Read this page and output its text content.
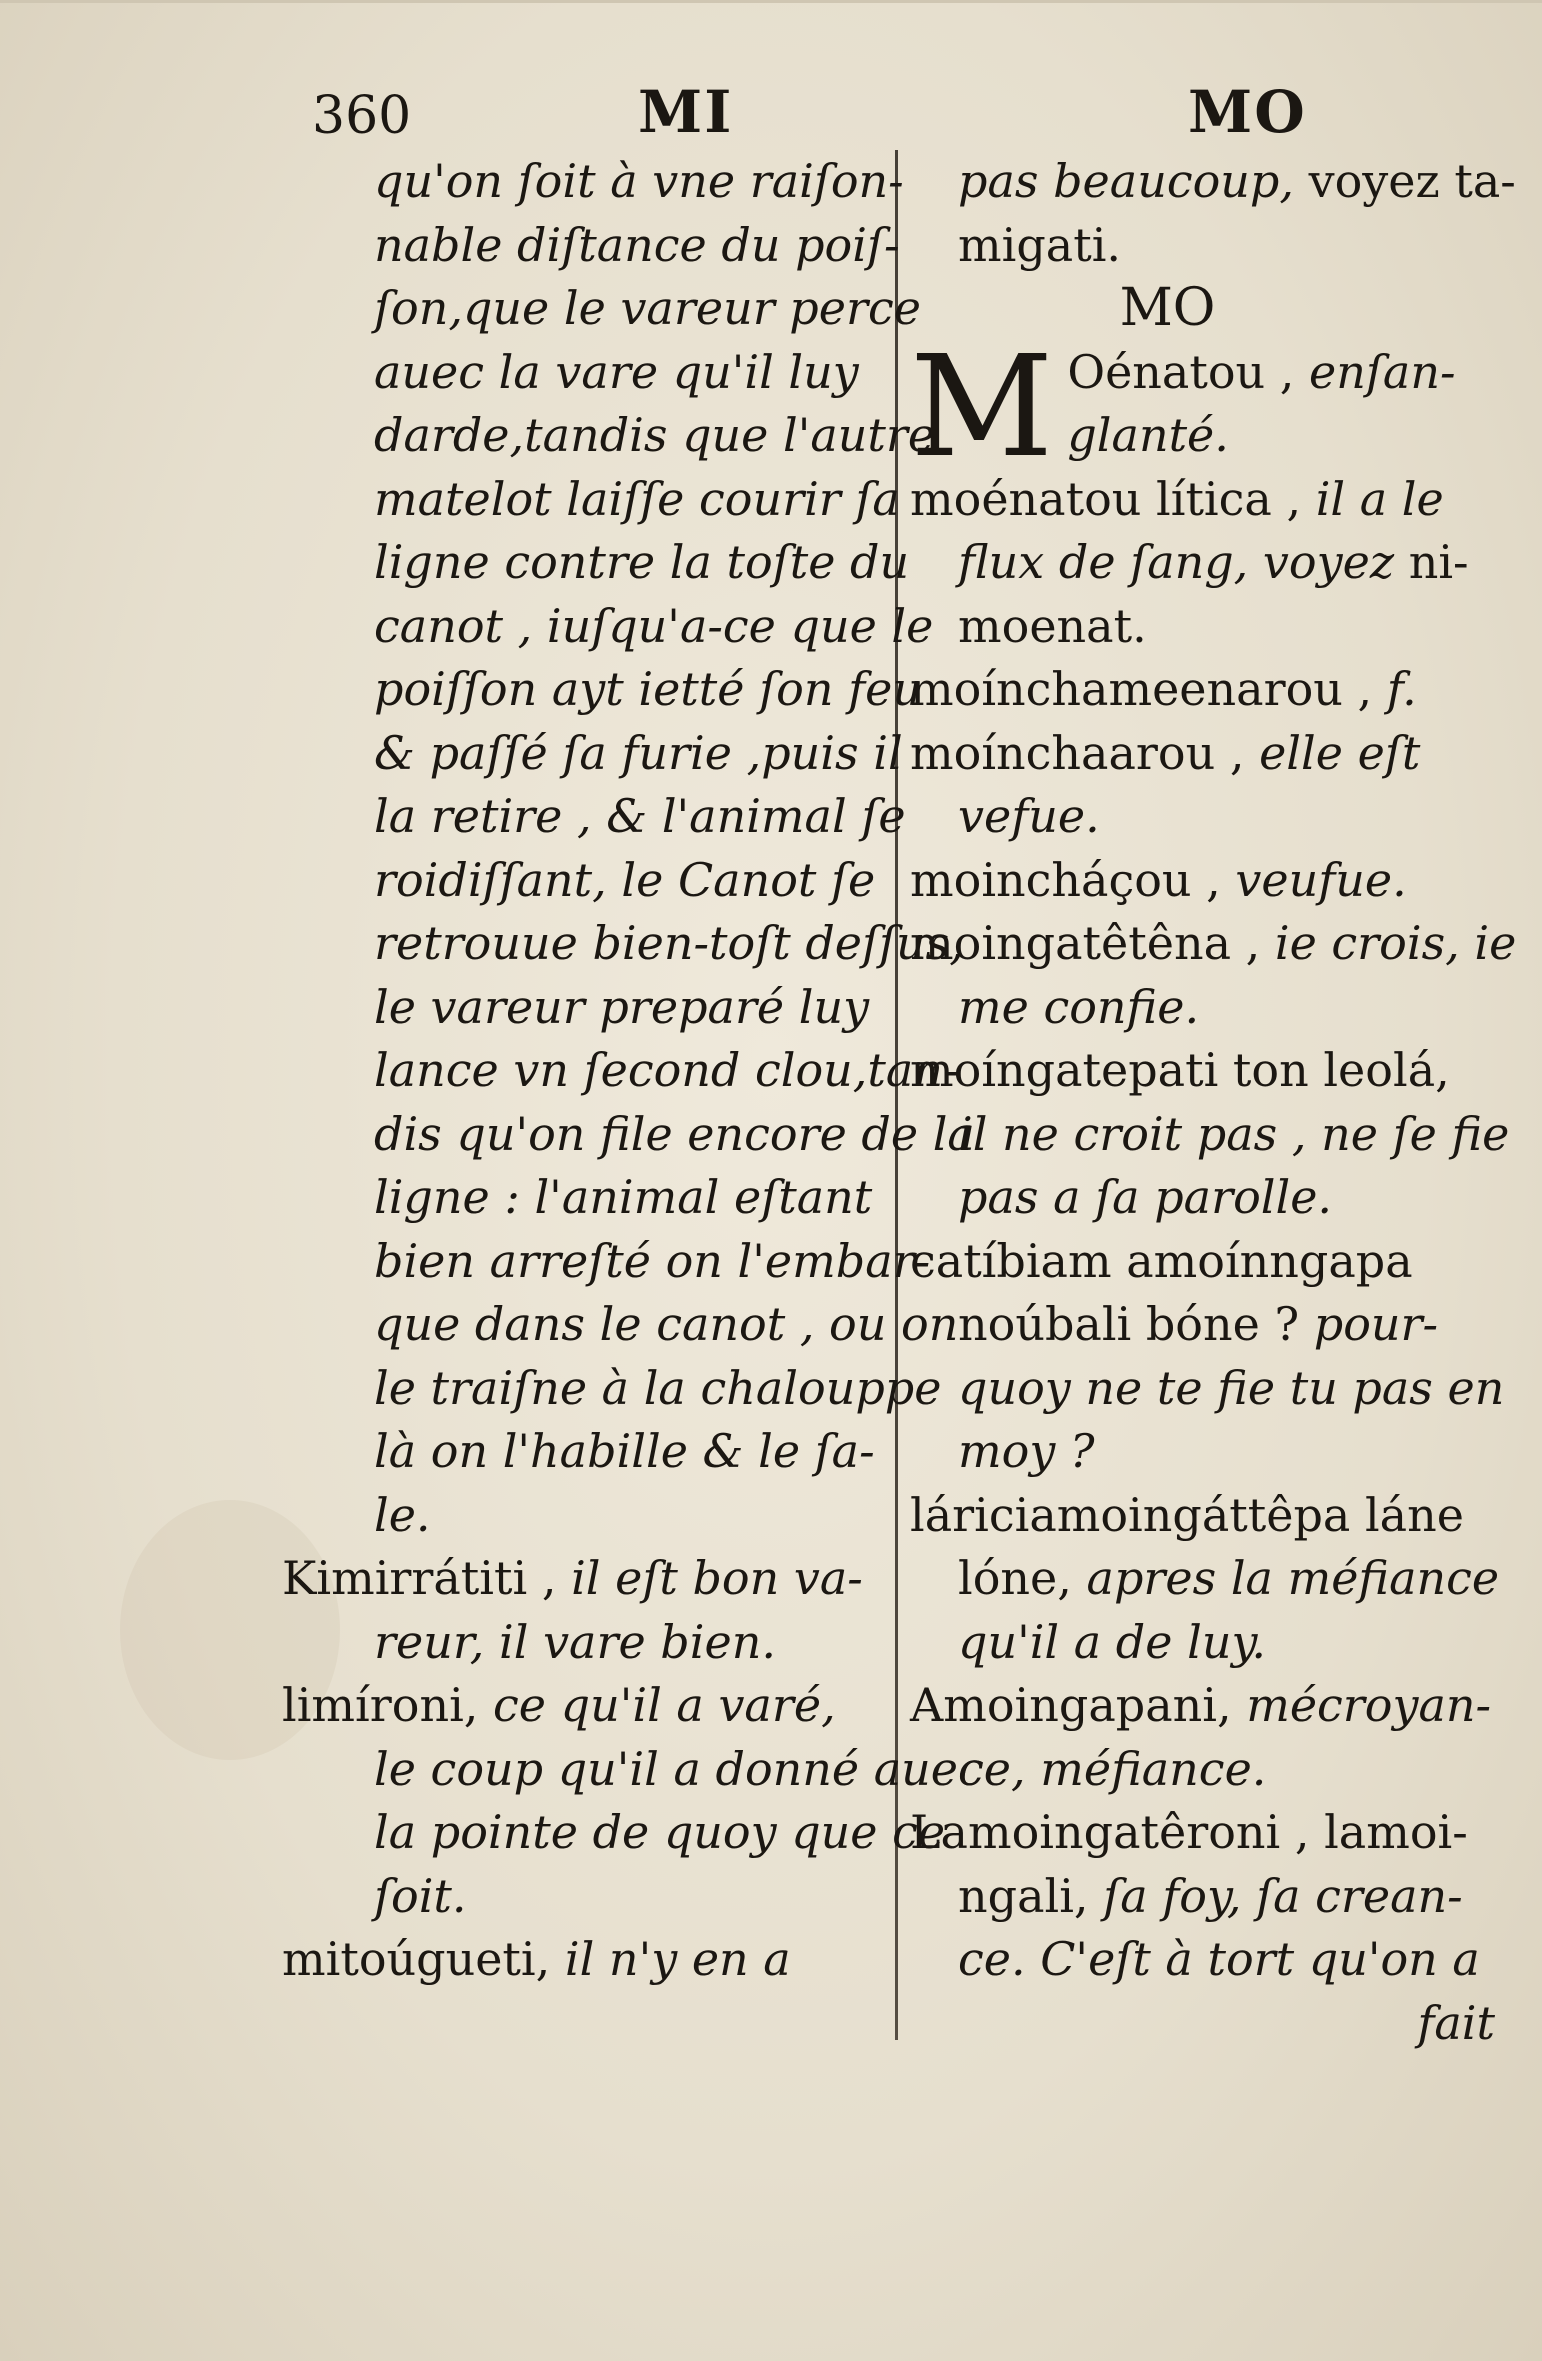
360	MI	MO
qu'on ſoit à vne raiſon-
nable diſtance du poiſ-
ſon,que le vareur perce
auec la vare qu'il luy
darde,tandis que l'autre
matelot laiſſe courir ſa
ligne contre la toſte du
canot , iuſqu'a-ce que le
poiſſon ayt ietté ſon feu
& paſſé ſa furie ,puis il
la retire , & l'animal ſe
roidiſſant, le Canot ſe
retrouue bien-toſt deſſus,
le vareur preparé luy
lance vn ſecond clou,tan-
dis qu'on file encore de la
ligne : l'animal eſtant
bien arreſté on l'embar-
que dans le canot , ou on
le traiſne à la chalouppe
là on l'habille & le ſa-
le.
Kimirrátiti , il eſt bon va-
reur, il vare bien.
limíroni, ce qu'il a varé,
le coup qu'il a donné auec
la pointe de quoy que ce
ſoit.
mitoúgueti, il n'y en a
pas beaucoup, voyez ta-
migati.
MO
M Oénatou , enſan-
glanté.
moénatou lítica , il a le
flux de ſang, voyez ni-
moenat.
moínchameenarou , f.
moínchaarou , elle eſt
vefue.
moincháçou , veufue.
moingatêtêna , ie crois, ie
me confie.
moíngatepati ton leolá,
il ne croit pas , ne ſe fie
pas a ſa parolle.
catíbiam amoínngapa
noúbali bóne ? pour-
quoy ne te fie tu pas en
moy ?
láriciamoingáttêpa láne
lóne, apres la méfiance
qu'il a de luy.
Amoingapani, mécroyan-
ce, méfiance.
Lamoingatêroni , lamoi-
ngali, ſa foy, ſa crean-
ce. C'eſt à tort qu'on a
fait
